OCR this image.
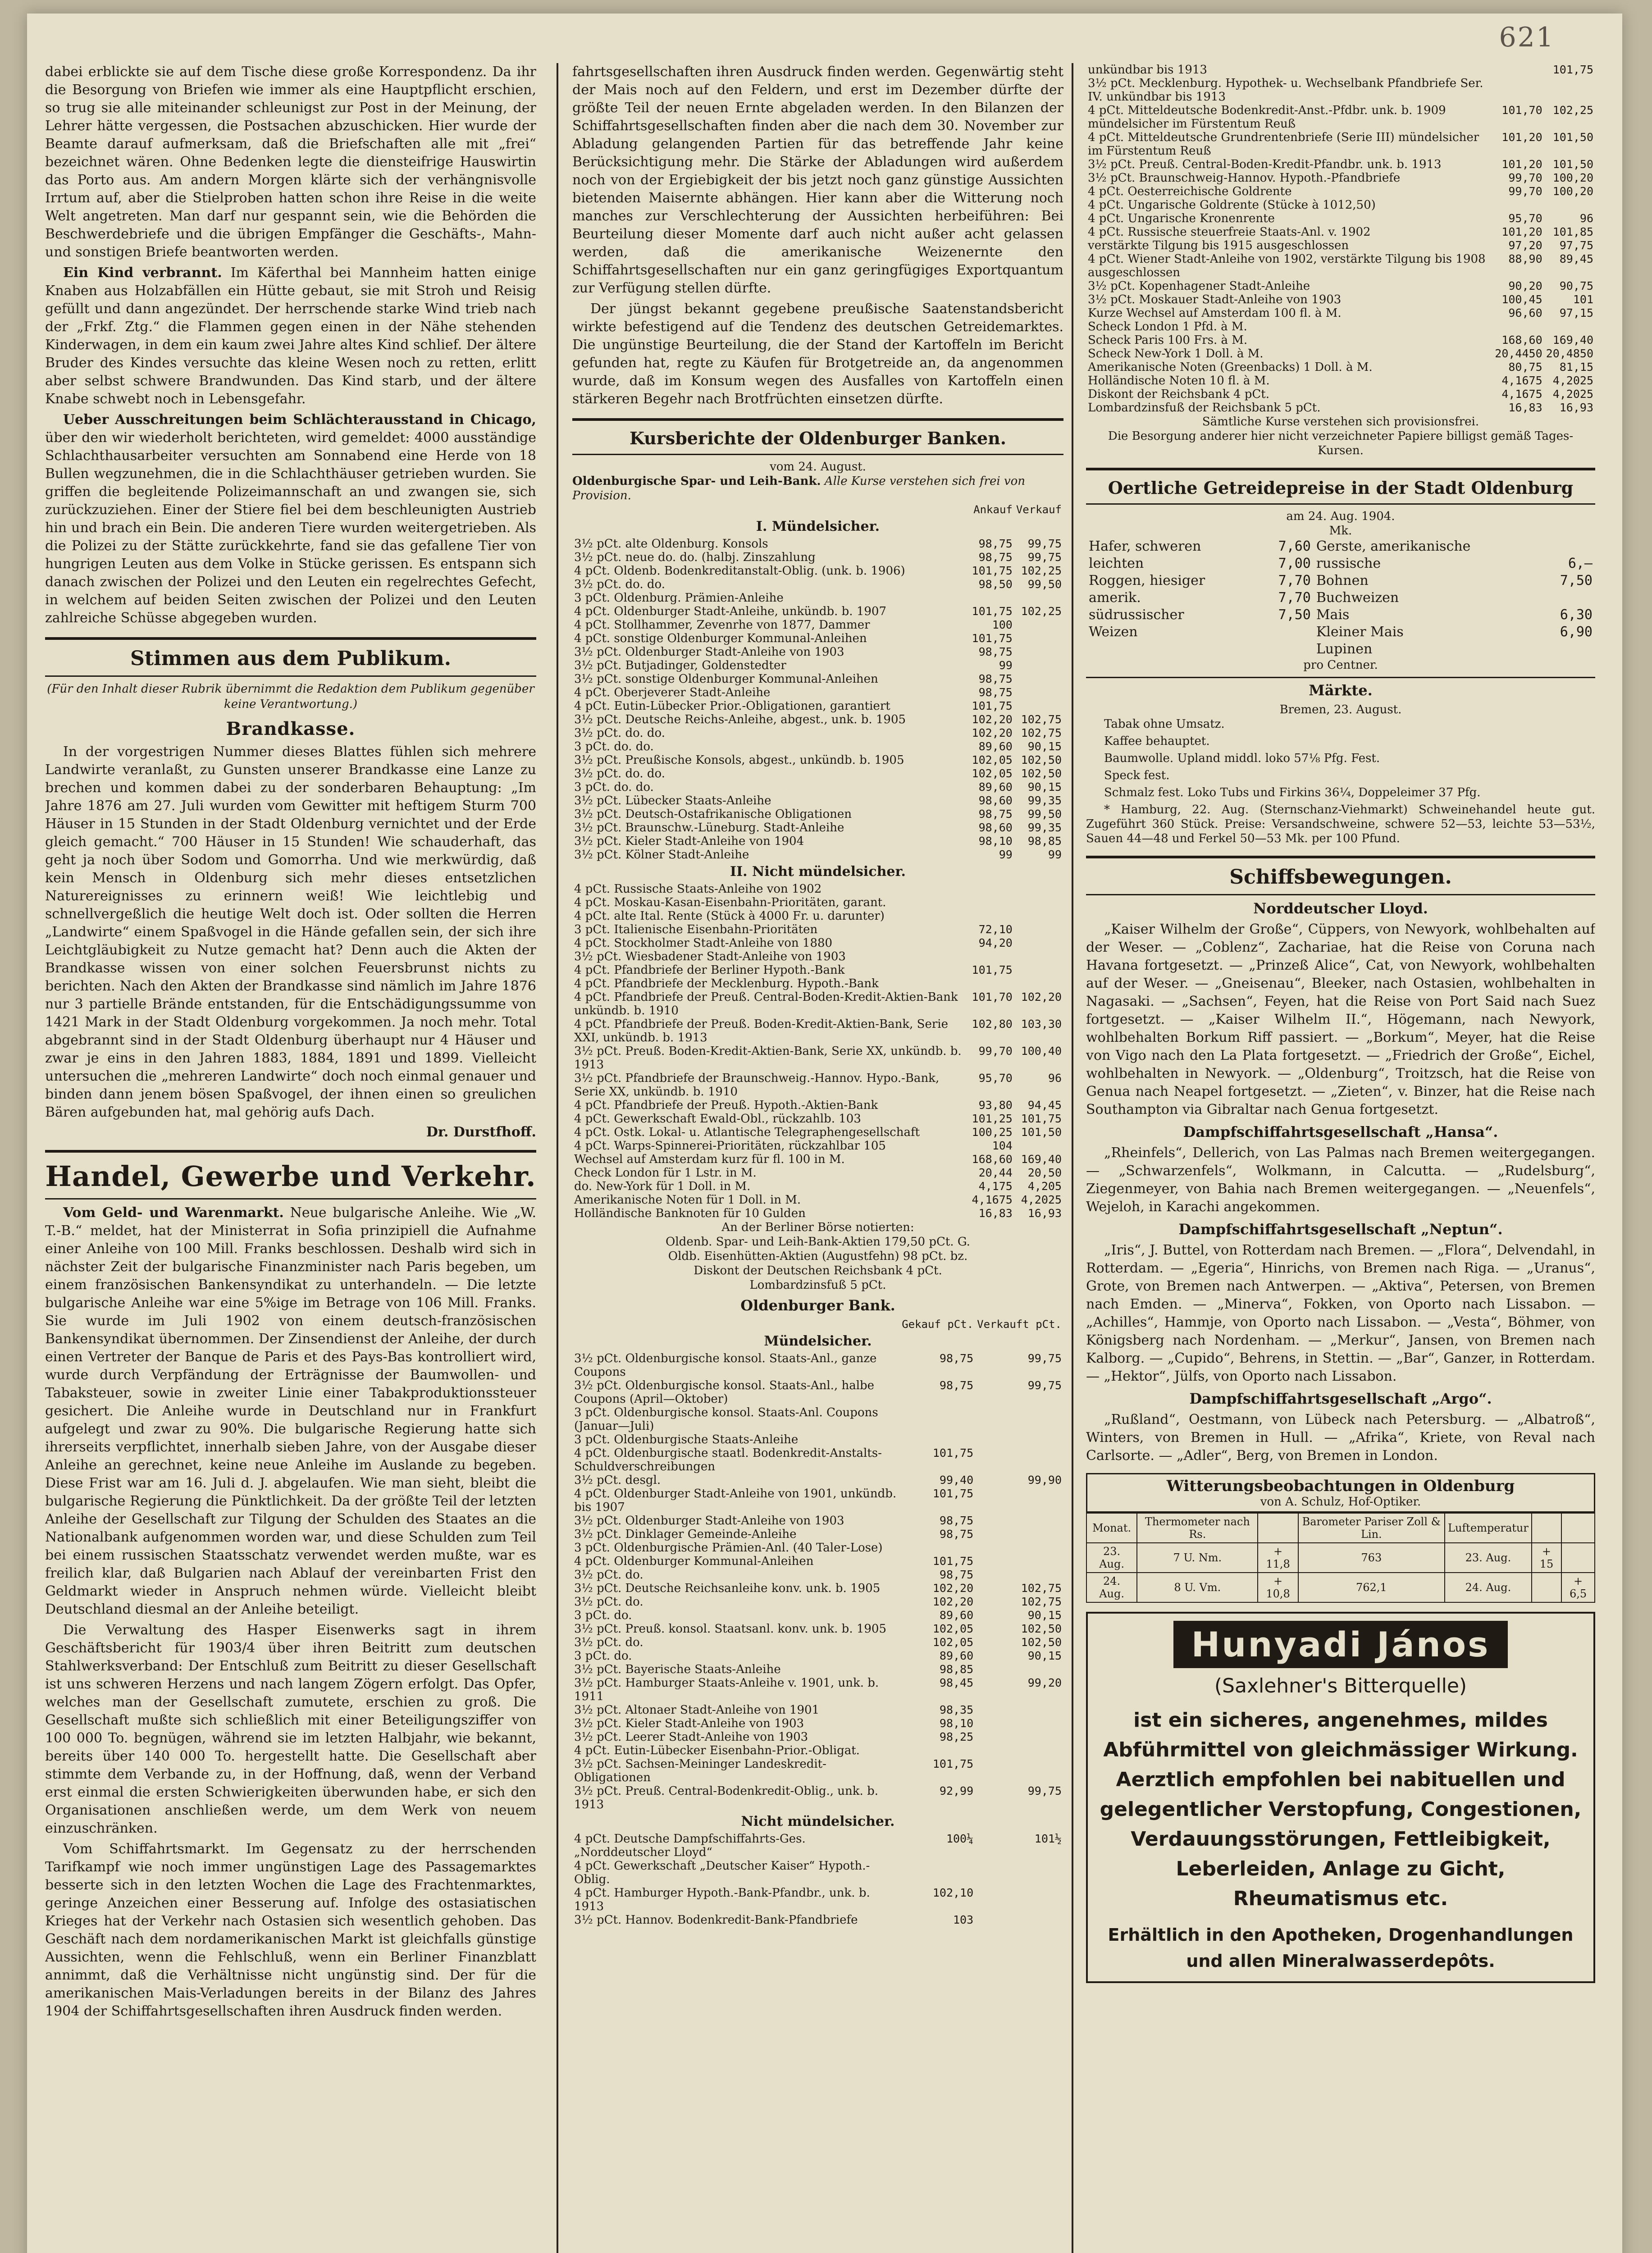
621

dabei erblickte sie auf dem Tische diese große Korrespondenz. Da ihr die Besorgung von Briefen wie immer als eine Hauptpflicht erschien, so trug sie alle miteinander schleunigst zur Post in der Meinung, der Lehrer hätte vergessen, die Postsachen abzuschicken. Hier wurde der Beamte darauf aufmerksam, daß die Briefschaften alle mit „frei“ bezeichnet wären. Ohne Bedenken legte die diensteifrige Hauswirtin das Porto aus. Am andern Morgen klärte sich der verhängnisvolle Irrtum auf, aber die Stielproben hatten schon ihre Reise in die weite Welt angetreten. Man darf nur gespannt sein, wie die Behörden die Beschwerdebriefe und die übrigen Empfänger die Geschäfts-, Mahn- und sonstigen Briefe beantworten werden.

Ein Kind verbrannt. Im Käferthal bei Mannheim hatten einige Knaben aus Holzabfällen ein Hütte gebaut, sie mit Stroh und Reisig gefüllt und dann angezündet. Der herrschende starke Wind trieb nach der „Frkf. Ztg.“ die Flammen gegen einen in der Nähe stehenden Kinderwagen, in dem ein kaum zwei Jahre altes Kind schlief. Der ältere Bruder des Kindes versuchte das kleine Wesen noch zu retten, erlitt aber selbst schwere Brandwunden. Das Kind starb, und der ältere Knabe schwebt noch in Lebensgefahr.

Ueber Ausschreitungen beim Schlächterausstand in Chicago, über den wir wiederholt berichteten, wird gemeldet: 4000 ausständige Schlachthausarbeiter versuchten am Sonnabend eine Herde von 18 Bullen wegzunehmen, die in die Schlachthäuser getrieben wurden. Sie griffen die begleitende Polizeimannschaft an und zwangen sie, sich zurückzuziehen. Einer der Stiere fiel bei dem beschleunigten Austrieb hin und brach ein Bein. Die anderen Tiere wurden weitergetrieben. Als die Polizei zu der Stätte zurückkehrte, fand sie das gefallene Tier von hungrigen Leuten aus dem Volke in Stücke gerissen. Es entspann sich danach zwischen der Polizei und den Leuten ein regelrechtes Gefecht, in welchem auf beiden Seiten zwischen der Polizei und den Leuten zahlreiche Schüsse abgegeben wurden.

Stimmen aus dem Publikum.
(Für den Inhalt dieser Rubrik übernimmt die Redaktion dem Publikum gegenüber keine Verantwortung.)
Brandkasse.

In der vorgestrigen Nummer dieses Blattes fühlen sich mehrere Landwirte veranlaßt, zu Gunsten unserer Brandkasse eine Lanze zu brechen und kommen dabei zu der sonderbaren Behauptung: „Im Jahre 1876 am 27. Juli wurden vom Gewitter mit heftigem Sturm 700 Häuser in 15 Stunden in der Stadt Oldenburg vernichtet und der Erde gleich gemacht.“ 700 Häuser in 15 Stunden! Wie schauderhaft, das geht ja noch über Sodom und Gomorrha. Und wie merkwürdig, daß kein Mensch in Oldenburg sich mehr dieses entsetzlichen Naturereignisses zu erinnern weiß! Wie leichtlebig und schnellvergeßlich die heutige Welt doch ist. Oder sollten die Herren „Landwirte“ einem Spaßvogel in die Hände gefallen sein, der sich ihre Leichtgläubigkeit zu Nutze gemacht hat? Denn auch die Akten der Brandkasse wissen von einer solchen Feuersbrunst nichts zu berichten. Nach den Akten der Brandkasse sind nämlich im Jahre 1876 nur 3 partielle Brände entstanden, für die Entschädigungssumme von 1421 Mark in der Stadt Oldenburg vorgekommen. Ja noch mehr. Total abgebrannt sind in der Stadt Oldenburg überhaupt nur 4 Häuser und zwar je eins in den Jahren 1883, 1884, 1891 und 1899. Vielleicht untersuchen die „mehreren Landwirte“ doch noch einmal genauer und binden dann jenem bösen Spaßvogel, der ihnen einen so greulichen Bären aufgebunden hat, mal gehörig aufs Dach.

Dr. Durstfhoff.
Handel, Gewerbe und Verkehr.

Vom Geld- und Warenmarkt. Neue bulgarische Anleihe. Wie „W. T.-B.“ meldet, hat der Ministerrat in Sofia prinzipiell die Aufnahme einer Anleihe von 100 Mill. Franks beschlossen. Deshalb wird sich in nächster Zeit der bulgarische Finanzminister nach Paris begeben, um einem französischen Bankensyndikat zu unterhandeln. — Die letzte bulgarische Anleihe war eine 5%ige im Betrage von 106 Mill. Franks. Sie wurde im Juli 1902 von einem deutsch-französischen Bankensyndikat übernommen. Der Zinsendienst der Anleihe, der durch einen Vertreter der Banque de Paris et des Pays-Bas kontrolliert wird, wurde durch Verpfändung der Erträgnisse der Baumwollen- und Tabaksteuer, sowie in zweiter Linie einer Tabakproduktionssteuer gesichert. Die Anleihe wurde in Deutschland nur in Frankfurt aufgelegt und zwar zu 90%. Die bulgarische Regierung hatte sich ihrerseits verpflichtet, innerhalb sieben Jahre, von der Ausgabe dieser Anleihe an gerechnet, keine neue Anleihe im Auslande zu begeben. Diese Frist war am 16. Juli d. J. abgelaufen. Wie man sieht, bleibt die bulgarische Regierung die Pünktlichkeit. Da der größte Teil der letzten Anleihe der Gesellschaft zur Tilgung der Schulden des Staates an die Nationalbank aufgenommen worden war, und diese Schulden zum Teil bei einem russischen Staatsschatz verwendet werden mußte, war es freilich klar, daß Bulgarien nach Ablauf der vereinbarten Frist den Geldmarkt wieder in Anspruch nehmen würde. Vielleicht bleibt Deutschland diesmal an der Anleihe beteiligt.

Die Verwaltung des Hasper Eisenwerks sagt in ihrem Geschäftsbericht für 1903/4 über ihren Beitritt zum deutschen Stahlwerksverband: Der Entschluß zum Beitritt zu dieser Gesellschaft ist uns schweren Herzens und nach langem Zögern erfolgt. Das Opfer, welches man der Gesellschaft zumutete, erschien zu groß. Die Gesellschaft mußte sich schließlich mit einer Beteiligungsziffer von 100 000 To. begnügen, während sie im letzten Halbjahr, wie bekannt, bereits über 140 000 To. hergestellt hatte. Die Gesellschaft aber stimmte dem Verbande zu, in der Hoffnung, daß, wenn der Verband erst einmal die ersten Schwierigkeiten überwunden habe, er sich den Organisationen anschließen werde, um dem Werk von neuem einzuschränken.

Vom Schiffahrtsmarkt. Im Gegensatz zu der herrschenden Tarifkampf wie noch immer ungünstigen Lage des Passagemarktes besserte sich in den letzten Wochen die Lage des Frachtenmarktes, geringe Anzeichen einer Besserung auf. Infolge des ostasiatischen Krieges hat der Verkehr nach Ostasien sich wesentlich gehoben. Das Geschäft nach dem nordamerikanischen Markt ist gleichfalls günstige Aussichten, wenn die Fehlschluß, wenn ein Berliner Finanzblatt annimmt, daß die Verhältnisse nicht ungünstig sind. Der für die amerikanischen Mais-Verladungen bereits in der Bilanz des Jahres 1904 der Schiffahrtsgesellschaften ihren Ausdruck finden werden.

fahrtsgesellschaften ihren Ausdruck finden werden. Gegenwärtig steht der Mais noch auf den Feldern, und erst im Dezember dürfte der größte Teil der neuen Ernte abgeladen werden. In den Bilanzen der Schiffahrtsgesellschaften finden aber die nach dem 30. November zur Abladung gelangenden Partien für das betreffende Jahr keine Berücksichtigung mehr. Die Stärke der Abladungen wird außerdem noch von der Ergiebigkeit der bis jetzt noch ganz günstige Aussichten bietenden Maisernte abhängen. Hier kann aber die Witterung noch manches zur Verschlechterung der Aussichten herbeiführen: Bei Beurteilung dieser Momente darf auch nicht außer acht gelassen werden, daß die amerikanische Weizenernte den Schiffahrtsgesellschaften nur ein ganz geringfügiges Exportquantum zur Verfügung stellen dürfte.

Der jüngst bekannt gegebene preußische Saatenstandsbericht wirkte befestigend auf die Tendenz des deutschen Getreidemarktes. Die ungünstige Beurteilung, die der Stand der Kartoffeln im Bericht gefunden hat, regte zu Käufen für Brotgetreide an, da angenommen wurde, daß im Konsum wegen des Ausfalles von Kartoffeln einen stärkeren Begehr nach Brotfrüchten einsetzen dürfte.

Kursberichte der Oldenburger Banken.
vom 24. August.
Oldenburgische Spar- und Leih-Bank. Alle Kurse verstehen sich frei von Provision.
	Ankauf	Verkauf
I. Mündelsicher.		
3½ pCt. alte Oldenburg. Konsols	98,75	99,75
3½ pCt. neue do. do. (halbj. Zinszahlung	98,75	99,75
4 pCt. Oldenb. Bodenkreditanstalt-Oblig. (unk. b. 1906)	101,75	102,25
3½ pCt. do. do.	98,50	99,50
3 pCt. Oldenburg. Prämien-Anleihe		
4 pCt. Oldenburger Stadt-Anleihe, unkündb. b. 1907	101,75	102,25
4 pCt. Stollhammer, Zevenrhe von 1877, Dammer	100	
4 pCt. sonstige Oldenburger Kommunal-Anleihen	101,75	
3½ pCt. Oldenburger Stadt-Anleihe von 1903	98,75	
3½ pCt. Butjadinger, Goldenstedter	99	
3½ pCt. sonstige Oldenburger Kommunal-Anleihen	98,75	
4 pCt. Oberjeverer Stadt-Anleihe	98,75	
4 pCt. Eutin-Lübecker Prior.-Obligationen, garantiert	101,75	
3½ pCt. Deutsche Reichs-Anleihe, abgest., unk. b. 1905	102,20	102,75
3½ pCt. do. do.	102,20	102,75
3 pCt. do. do.	89,60	90,15
3½ pCt. Preußische Konsols, abgest., unkündb. b. 1905	102,05	102,50
3½ pCt. do. do.	102,05	102,50
3 pCt. do. do.	89,60	90,15
3½ pCt. Lübecker Staats-Anleihe	98,60	99,35
3½ pCt. Deutsch-Ostafrikanische Obligationen	98,75	99,50
3½ pCt. Braunschw.-Lüneburg. Stadt-Anleihe	98,60	99,35
3½ pCt. Kieler Stadt-Anleihe von 1904	98,10	98,85
3½ pCt. Kölner Stadt-Anleihe	99	99
II. Nicht mündelsicher.		
4 pCt. Russische Staats-Anleihe von 1902		
4 pCt. Moskau-Kasan-Eisenbahn-Prioritäten, garant.		
4 pCt. alte Ital. Rente (Stück à 4000 Fr. u. darunter)		
3 pCt. Italienische Eisenbahn-Prioritäten	72,10	
4 pCt. Stockholmer Stadt-Anleihe von 1880	94,20	
3½ pCt. Wiesbadener Stadt-Anleihe von 1903		
4 pCt. Pfandbriefe der Berliner Hypoth.-Bank	101,75	
4 pCt. Pfandbriefe der Mecklenburg. Hypoth.-Bank		
4 pCt. Pfandbriefe der Preuß. Central-Boden-Kredit-Aktien-Bank unkündb. b. 1910	101,70	102,20
4 pCt. Pfandbriefe der Preuß. Boden-Kredit-Aktien-Bank, Serie XXI, unkündb. b. 1913	102,80	103,30
3½ pCt. Preuß. Boden-Kredit-Aktien-Bank, Serie XX, unkündb. b. 1913	99,70	100,40
3½ pCt. Pfandbriefe der Braunschweig.-Hannov. Hypo.-Bank, Serie XX, unkündb. b. 1910	95,70	96
4 pCt. Pfandbriefe der Preuß. Hypoth.-Aktien-Bank	93,80	94,45
4 pCt. Gewerkschaft Ewald-Obl., rückzahlb. 103	101,25	101,75
4 pCt. Ostk. Lokal- u. Atlantische Telegraphengesellschaft	100,25	101,50
4 pCt. Warps-Spinnerei-Prioritäten, rückzahlbar 105	104	
Wechsel auf Amsterdam kurz für fl. 100 in M.	168,60	169,40
Check London für 1 Lstr. in M.	20,44	20,50
do. New-York für 1 Doll. in M.	4,175	4,205
Amerikanische Noten für 1 Doll. in M.	4,1675	4,2025
Holländische Banknoten für 10 Gulden	16,83	16,93
An der Berliner Börse notierten:
Oldenb. Spar- und Leih-Bank-Aktien 179,50 pCt. G.
Oldb. Eisenhütten-Aktien (Augustfehn) 98 pCt. bz.
Diskont der Deutschen Reichsbank 4 pCt.
Lombardzinsfuß 5 pCt.
Oldenburger Bank.
	Gekauf pCt.	Verkauft pCt.
Mündelsicher.		
3½ pCt. Oldenburgische konsol. Staats-Anl., ganze Coupons	98,75	99,75
3½ pCt. Oldenburgische konsol. Staats-Anl., halbe Coupons (April—Oktober)	98,75	99,75
3 pCt. Oldenburgische konsol. Staats-Anl. Coupons (Januar—Juli)		
3 pCt. Oldenburgische Staats-Anleihe		
4 pCt. Oldenburgische staatl. Bodenkredit-Anstalts-Schuldverschreibungen	101,75	
3½ pCt. desgl.	99,40	99,90
4 pCt. Oldenburger Stadt-Anleihe von 1901, unkündb. bis 1907	101,75	
3½ pCt. Oldenburger Stadt-Anleihe von 1903	98,75	
3½ pCt. Dinklager Gemeinde-Anleihe	98,75	
3 pCt. Oldenburgische Prämien-Anl. (40 Taler-Lose)		
4 pCt. Oldenburger Kommunal-Anleihen	101,75	
3½ pCt. do.	98,75	
3½ pCt. Deutsche Reichsanleihe konv. unk. b. 1905	102,20	102,75
3½ pCt. do.	102,20	102,75
3 pCt. do.	89,60	90,15
3½ pCt. Preuß. konsol. Staatsanl. konv. unk. b. 1905	102,05	102,50
3½ pCt. do.	102,05	102,50
3 pCt. do.	89,60	90,15
3½ pCt. Bayerische Staats-Anleihe	98,85	
3½ pCt. Hamburger Staats-Anleihe v. 1901, unk. b. 1911	98,45	99,20
3½ pCt. Altonaer Stadt-Anleihe von 1901	98,35	
3½ pCt. Kieler Stadt-Anleihe von 1903	98,10	
3½ pCt. Leerer Stadt-Anleihe von 1903	98,25	
4 pCt. Eutin-Lübecker Eisenbahn-Prior.-Obligat.		
3½ pCt. Sachsen-Meininger Landeskredit-Obligationen	101,75	
3½ pCt. Preuß. Central-Bodenkredit-Oblig., unk. b. 1913	92,99	99,75
Nicht mündelsicher.		
4 pCt. Deutsche Dampfschiffahrts-Ges. „Norddeutscher Lloyd“	100¼	101½
4 pCt. Gewerkschaft „Deutscher Kaiser“ Hypoth.-Oblig.		
4 pCt. Hamburger Hypoth.-Bank-Pfandbr., unk. b. 1913	102,10	
3½ pCt. Hannov. Bodenkredit-Bank-Pfandbriefe	103	
unkündbar bis 1913		101,75
3½ pCt. Mecklenburg. Hypothek- u. Wechselbank Pfandbriefe Ser. IV. unkündbar bis 1913		
4 pCt. Mitteldeutsche Bodenkredit-Anst.-Pfdbr. unk. b. 1909 mündelsicher im Fürstentum Reuß	101,70	102,25
4 pCt. Mitteldeutsche Grundrentenbriefe (Serie III) mündelsicher im Fürstentum Reuß	101,20	101,50
3½ pCt. Preuß. Central-Boden-Kredit-Pfandbr. unk. b. 1913	101,20	101,50
3½ pCt. Braunschweig-Hannov. Hypoth.-Pfandbriefe	99,70	100,20
4 pCt. Oesterreichische Goldrente	99,70	100,20
4 pCt. Ungarische Goldrente (Stücke à 1012,50)		
4 pCt. Ungarische Kronenrente	95,70	96
4 pCt. Russische steuerfreie Staats-Anl. v. 1902	101,20	101,85
verstärkte Tilgung bis 1915 ausgeschlossen	97,20	97,75
4 pCt. Wiener Stadt-Anleihe von 1902, verstärkte Tilgung bis 1908 ausgeschlossen	88,90	89,45
3½ pCt. Kopenhagener Stadt-Anleihe	90,20	90,75
3½ pCt. Moskauer Stadt-Anleihe von 1903	100,45	101
Kurze Wechsel auf Amsterdam 100 fl. à M.	96,60	97,15
Scheck London 1 Pfd. à M.		
Scheck Paris 100 Frs. à M.	168,60	169,40
Scheck New-York 1 Doll. à M.	20,4450	20,4850
Amerikanische Noten (Greenbacks) 1 Doll. à M.	80,75	81,15
Holländische Noten 10 fl. à M.	4,1675	4,2025
Diskont der Reichsbank 4 pCt.	4,1675	4,2025
Lombardzinsfuß der Reichsbank 5 pCt.	16,83	16,93
Sämtliche Kurse verstehen sich provisionsfrei.
Die Besorgung anderer hier nicht verzeichneter Papiere billigst gemäß Tages-Kursen.
Oertliche Getreidepreise in der Stadt Oldenburg
am 24. Aug. 1904.
Mk.
Hafer, schweren	7,60	Gerste, amerikanische	
leichten	7,00	russische	6,—
Roggen, hiesiger	7,70	Bohnen	7,50
amerik.	7,70	Buchweizen	
südrussischer	7,50	Mais	6,30
Weizen		Kleiner Mais	6,90
		Lupinen	
pro Centner.
Märkte.
Bremen, 23. August.

Tabak ohne Umsatz.

Kaffee behauptet.

Baumwolle. Upland middl. loko 57⅛ Pfg. Fest.

Speck fest.

Schmalz fest. Loko Tubs und Firkins 36¼, Doppeleimer 37 Pfg.

* Hamburg, 22. Aug. (Sternschanz-Viehmarkt) Schweinehandel heute gut. Zugeführt 360 Stück. Preise: Versandschweine, schwere 52—53, leichte 53—53½, Sauen 44—48 und Ferkel 50—53 Mk. per 100 Pfund.

Schiffsbewegungen.
Norddeutscher Lloyd.

„Kaiser Wilhelm der Große“, Cüppers, von Newyork, wohlbehalten auf der Weser. — „Coblenz“, Zachariae, hat die Reise von Coruna nach Havana fortgesetzt. — „Prinzeß Alice“, Cat, von Newyork, wohlbehalten auf der Weser. — „Gneisenau“, Bleeker, nach Ostasien, wohlbehalten in Nagasaki. — „Sachsen“, Feyen, hat die Reise von Port Said nach Suez fortgesetzt. — „Kaiser Wilhelm II.“, Högemann, nach Newyork, wohlbehalten Borkum Riff passiert. — „Borkum“, Meyer, hat die Reise von Vigo nach den La Plata fortgesetzt. — „Friedrich der Große“, Eichel, wohlbehalten in Newyork. — „Oldenburg“, Troitzsch, hat die Reise von Genua nach Neapel fortgesetzt. — „Zieten“, v. Binzer, hat die Reise nach Southampton via Gibraltar nach Genua fortgesetzt.

Dampfschiffahrtsgesellschaft „Hansa“.

„Rheinfels“, Dellerich, von Las Palmas nach Bremen weitergegangen. — „Schwarzenfels“, Wolkmann, in Calcutta. — „Rudelsburg“, Ziegenmeyer, von Bahia nach Bremen weitergegangen. — „Neuenfels“, Wejeloh, in Karachi angekommen.

Dampfschiffahrtsgesellschaft „Neptun“.

„Iris“, J. Buttel, von Rotterdam nach Bremen. — „Flora“, Delvendahl, in Rotterdam. — „Egeria“, Hinrichs, von Bremen nach Riga. — „Uranus“, Grote, von Bremen nach Antwerpen. — „Aktiva“, Petersen, von Bremen nach Emden. — „Minerva“, Fokken, von Oporto nach Lissabon. — „Achilles“, Hammje, von Oporto nach Lissabon. — „Vesta“, Böhmer, von Königsberg nach Nordenham. — „Merkur“, Jansen, von Bremen nach Kalborg. — „Cupido“, Behrens, in Stettin. — „Bar“, Ganzer, in Rotterdam. — „Hektor“, Jülfs, von Oporto nach Lissabon.

Dampfschiffahrtsgesellschaft „Argo“.

„Rußland“, Oestmann, von Lübeck nach Petersburg. — „Albatroß“, Winters, von Bremen in Hull. — „Afrika“, Kriete, von Reval nach Carlsorte. — „Adler“, Berg, von Bremen in London.

Witterungsbeobachtungen in Oldenburg
von A. Schulz, Hof-Optiker.
Monat.	Thermometer nach Rs.		Barometer Pariser Zoll & Lin.	Luftemperatur		
23. Aug.	7 U. Nm.	+ 11,8	763	23. Aug.	+ 15	
24. Aug.	8 U. Vm.	+ 10,8	762,1	24. Aug.		+ 6,5
Hunyadi János
(Saxlehner's Bitterquelle)
ist ein sicheres, angenehmes, mildes Abführmittel von gleichmässiger Wirkung. Aerztlich empfohlen bei nabituellen und gelegentlicher Verstopfung, Congestionen, Verdauungsstörungen, Fettleibigkeit, Leberleiden, Anlage zu Gicht, Rheumatismus etc.
Erhältlich in den Apotheken, Drogenhandlungen und allen Mineralwasserdepôts.
